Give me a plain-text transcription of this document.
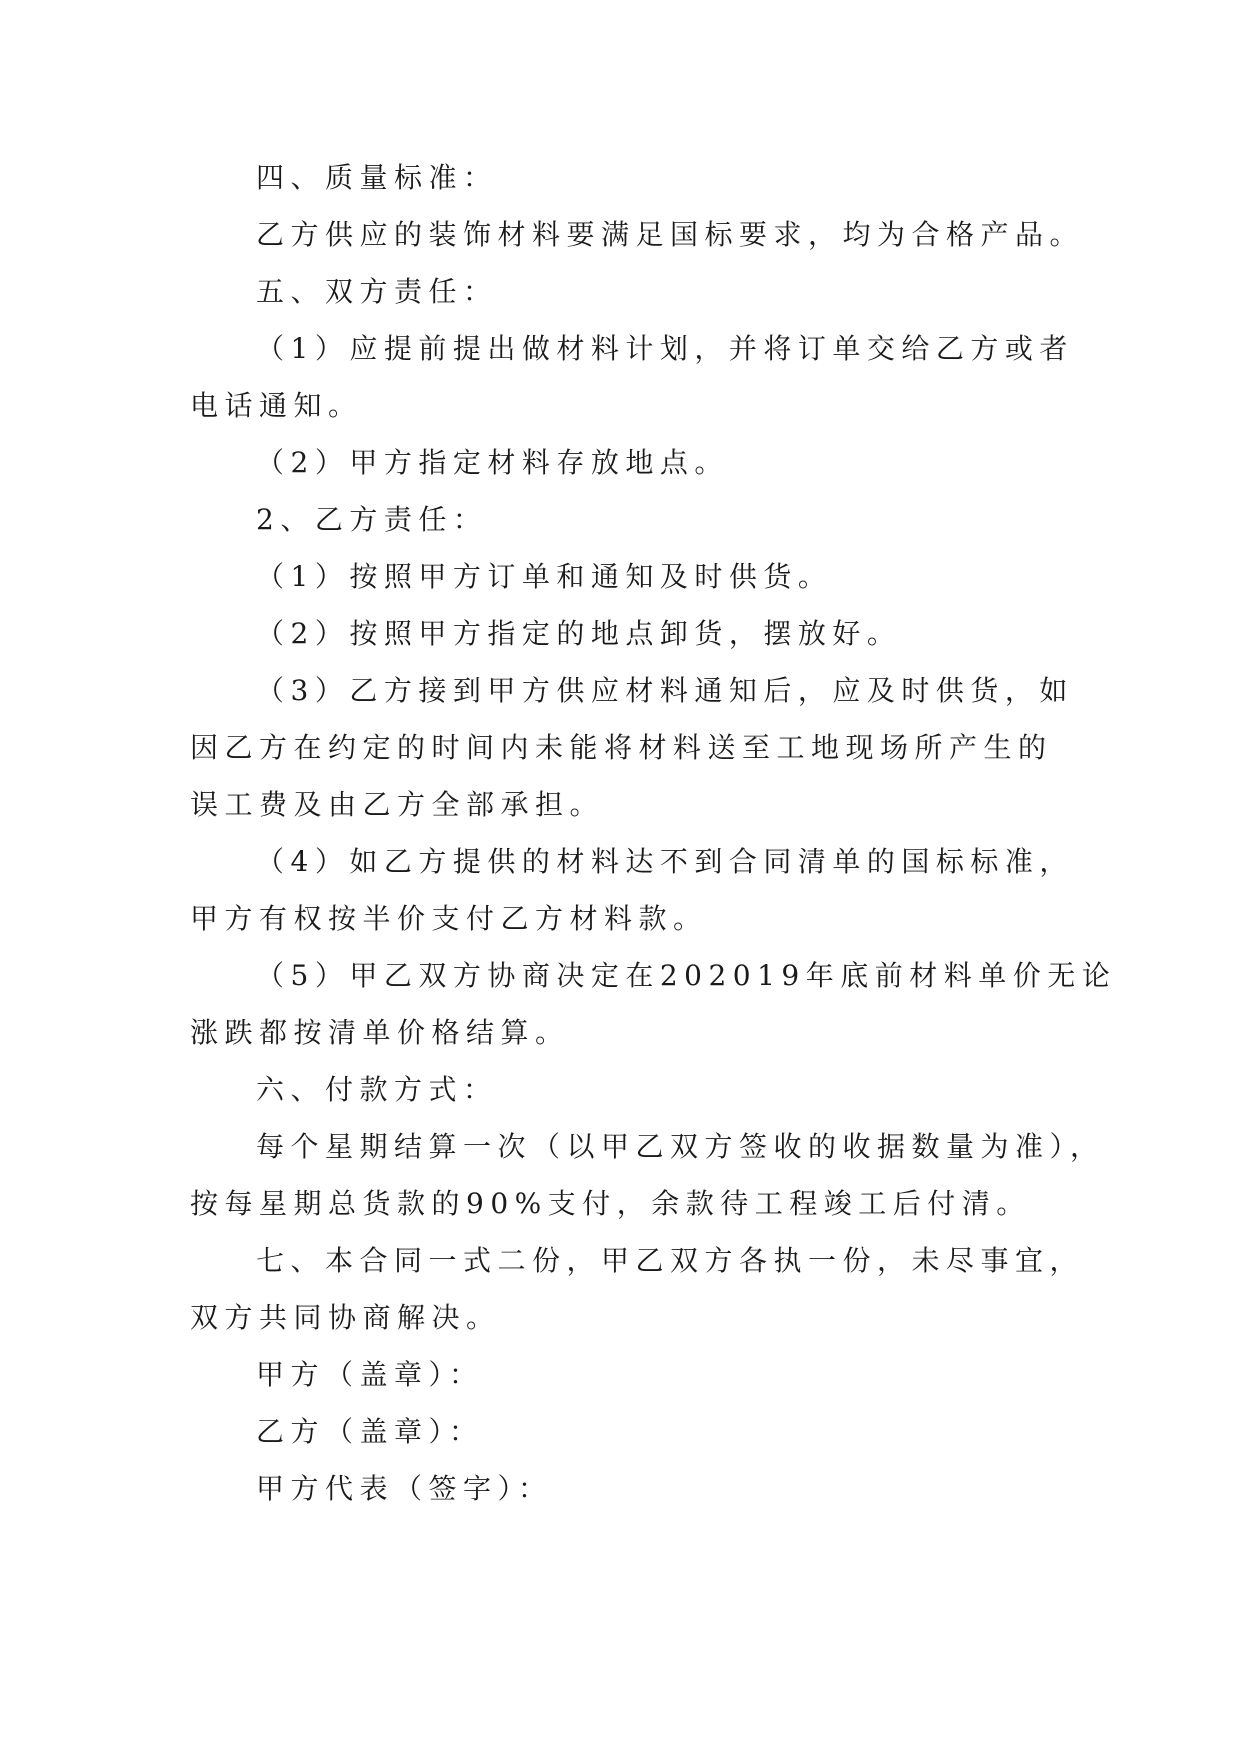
四、质量标准：
乙方供应的装饰材料要满足国标要求，均为合格产品。
五、双方责任：
（1）应提前提出做材料计划，并将订单交给乙方或者
电话通知。
（2）甲方指定材料存放地点。
2、乙方责任：
（1）按照甲方订单和通知及时供货。
（2）按照甲方指定的地点卸货，摆放好。
（3）乙方接到甲方供应材料通知后，应及时供货，如
因乙方在约定的时间内未能将材料送至工地现场所产生的
误工费及由乙方全部承担。
（4）如乙方提供的材料达不到合同清单的国标标准，
甲方有权按半价支付乙方材料款。
（5）甲乙双方协商决定在202019年底前材料单价无论
涨跌都按清单价格结算。
六、付款方式：
每个星期结算一次（以甲乙双方签收的收据数量为准），
按每星期总货款的90%支付，余款待工程竣工后付清。
七、本合同一式二份，甲乙双方各执一份，未尽事宜，
双方共同协商解决。
甲方（盖章）：
乙方（盖章）：
甲方代表（签字）：
